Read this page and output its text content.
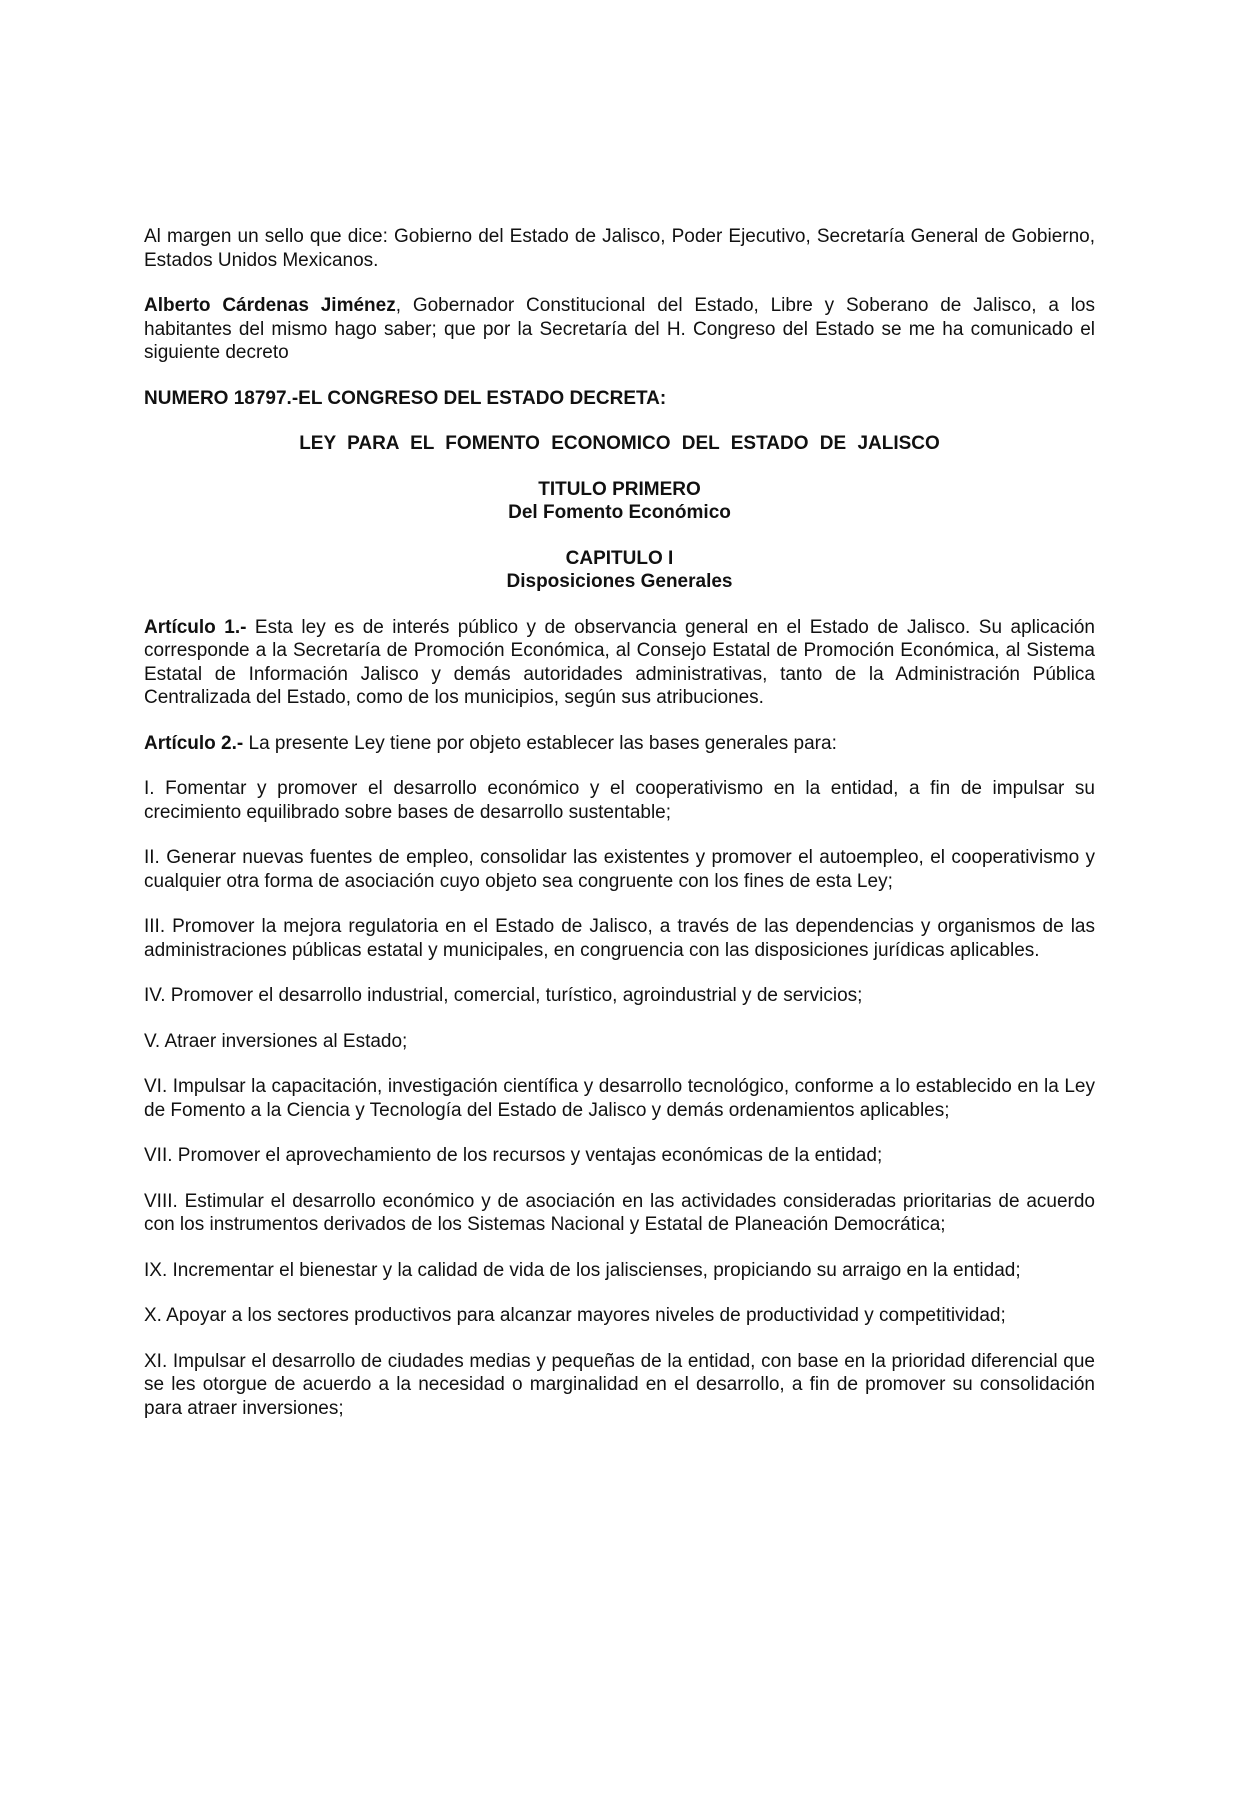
Al margen un sello que dice: Gobierno del Estado de Jalisco, Poder Ejecutivo, Secretaría General de Gobierno, Estados Unidos Mexicanos.

Alberto Cárdenas Jiménez, Gobernador Constitucional del Estado, Libre y Soberano de Jalisco, a los habitantes del mismo hago saber; que por la Secretaría del H. Congreso del Estado se me ha comunicado el siguiente decreto

NUMERO 18797.-EL CONGRESO DEL ESTADO DECRETA:

LEY PARA EL FOMENTO ECONOMICO DEL ESTADO DE JALISCO

TITULO PRIMERO
Del Fomento Económico

CAPITULO I
Disposiciones Generales

Artículo 1.- Esta ley es de interés público y de observancia general en el Estado de Jalisco. Su aplicación corresponde a la Secretaría de Promoción Económica, al Consejo Estatal de Promoción Económica, al Sistema Estatal de Información Jalisco y demás autoridades administrativas, tanto de la Administración Pública Centralizada del Estado, como de los municipios, según sus atribuciones.

Artículo 2.- La presente Ley tiene por objeto establecer las bases generales para:

I. Fomentar y promover el desarrollo económico y el cooperativismo en la entidad, a fin de impulsar su crecimiento equilibrado sobre bases de desarrollo sustentable;

II. Generar nuevas fuentes de empleo, consolidar las existentes y promover el autoempleo, el cooperativismo y cualquier otra forma de asociación cuyo objeto sea congruente con los fines de esta Ley;

III. Promover la mejora regulatoria en el Estado de Jalisco, a través de las dependencias y organismos de las administraciones públicas estatal y municipales, en congruencia con las disposiciones jurídicas aplicables.

IV. Promover el desarrollo industrial, comercial, turístico, agroindustrial y de servicios;

V. Atraer inversiones al Estado;

VI. Impulsar la capacitación, investigación científica y desarrollo tecnológico, conforme a lo establecido en la Ley de Fomento a la Ciencia y Tecnología del Estado de Jalisco y demás ordenamientos aplicables;

VII. Promover el aprovechamiento de los recursos y ventajas económicas de la entidad;

VIII. Estimular el desarrollo económico y de asociación en las actividades consideradas prioritarias de acuerdo con los instrumentos derivados de los Sistemas Nacional y Estatal de Planeación Democrática;

IX. Incrementar el bienestar y la calidad de vida de los jaliscienses, propiciando su arraigo en la entidad;

X. Apoyar a los sectores productivos para alcanzar mayores niveles de productividad y competitividad;

XI. Impulsar el desarrollo de ciudades medias y pequeñas de la entidad, con base en la prioridad diferencial que se les otorgue de acuerdo a la necesidad o marginalidad en el desarrollo, a fin de promover su consolidación para atraer inversiones;
